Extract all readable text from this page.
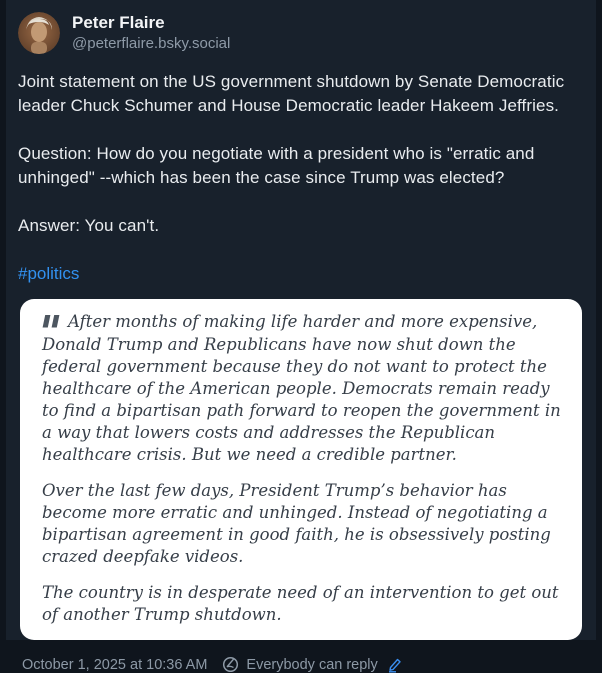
Peter Flaire
@peterflaire.bsky.social

Joint statement on the US government shutdown by Senate Democratic leader Chuck Schumer and House Democratic leader Hakeem Jeffries.

Question: How do you negotiate with a president who is "erratic and unhinged" --which has been the case since Trump was elected?

Answer: You can't.

#politics

After months of making life harder and more expensive, Donald Trump and Republicans have now shut down the federal government because they do not want to protect the healthcare of the American people. Democrats remain ready to find a bipartisan path forward to reopen the government in a way that lowers costs and addresses the Republican healthcare crisis. But we need a credible partner.

Over the last few days, President Trump’s behavior has become more erratic and unhinged. Instead of negotiating a bipartisan agreement in good faith, he is obsessively posting crazed deepfake videos.

The country is in desperate need of an intervention to get out of another Trump shutdown.

October 1, 2025 at 10:36 AM	Everybody can reply
